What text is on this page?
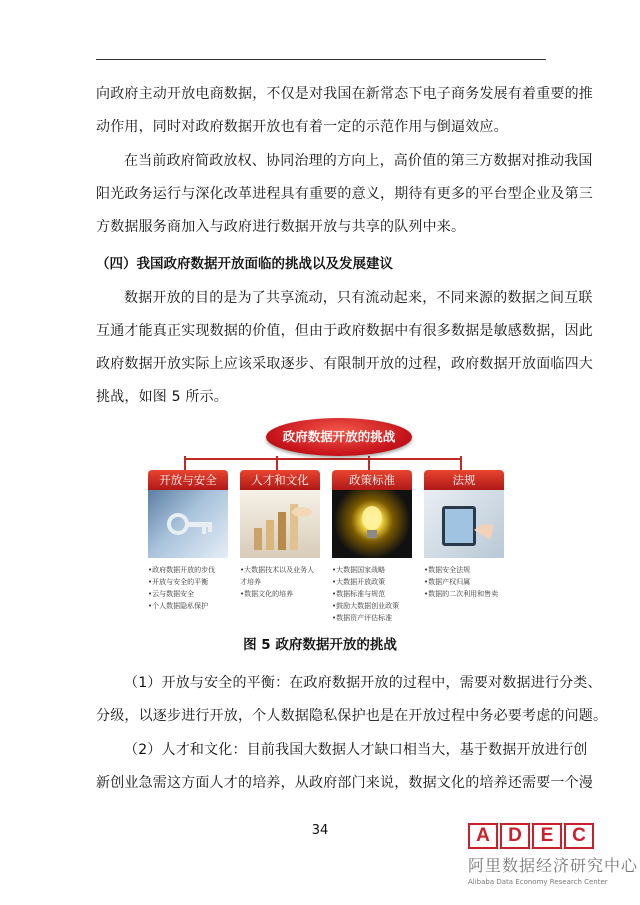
向政府主动开放电商数据，不仅是对我国在新常态下电子商务发展有着重要的推
动作用，同时对政府数据开放也有着一定的示范作用与倒逼效应。

在当前政府简政放权、协同治理的方向上，高价值的第三方数据对推动我国
阳光政务运行与深化改革进程具有重要的意义，期待有更多的平台型企业及第三
方数据服务商加入与政府进行数据开放与共享的队列中来。

（四）我国政府数据开放面临的挑战以及发展建议

数据开放的目的是为了共享流动，只有流动起来，不同来源的数据之间互联
互通才能真正实现数据的价值，但由于政府数据中有很多数据是敏感数据，因此
政府数据开放实际上应该采取逐步、有限制开放的过程，政府数据开放面临四大
挑战，如图 5 所示。

政府数据开放的挑战
开放与安全
•政府数据开放的步伐
•开放与安全的平衡
•云与数据安全
•个人数据隐私保护
人才和文化
•大数据技术以及业务人才培养
•数据文化的培养
政策标准
•大数据国家战略
•大数据开放政策
•数据标准与规范
•鼓励大数据创业政策
•数据资产评估标准
法规
•数据安全法规
•数据产权归属
•数据的二次利用和售卖
图 5 政府数据开放的挑战

（1）开放与安全的平衡：在政府数据开放的过程中，需要对数据进行分类、
分级，以逐步进行开放，个人数据隐私保护也是在开放过程中务必要考虑的问题。

（2）人才和文化：目前我国大数据人才缺口相当大，基于数据开放进行创
新创业急需这方面人才的培养，从政府部门来说，数据文化的培养还需要一个漫

34	A D E C
阿里数据经济研究中心
Alibaba Data Economy Research Center
